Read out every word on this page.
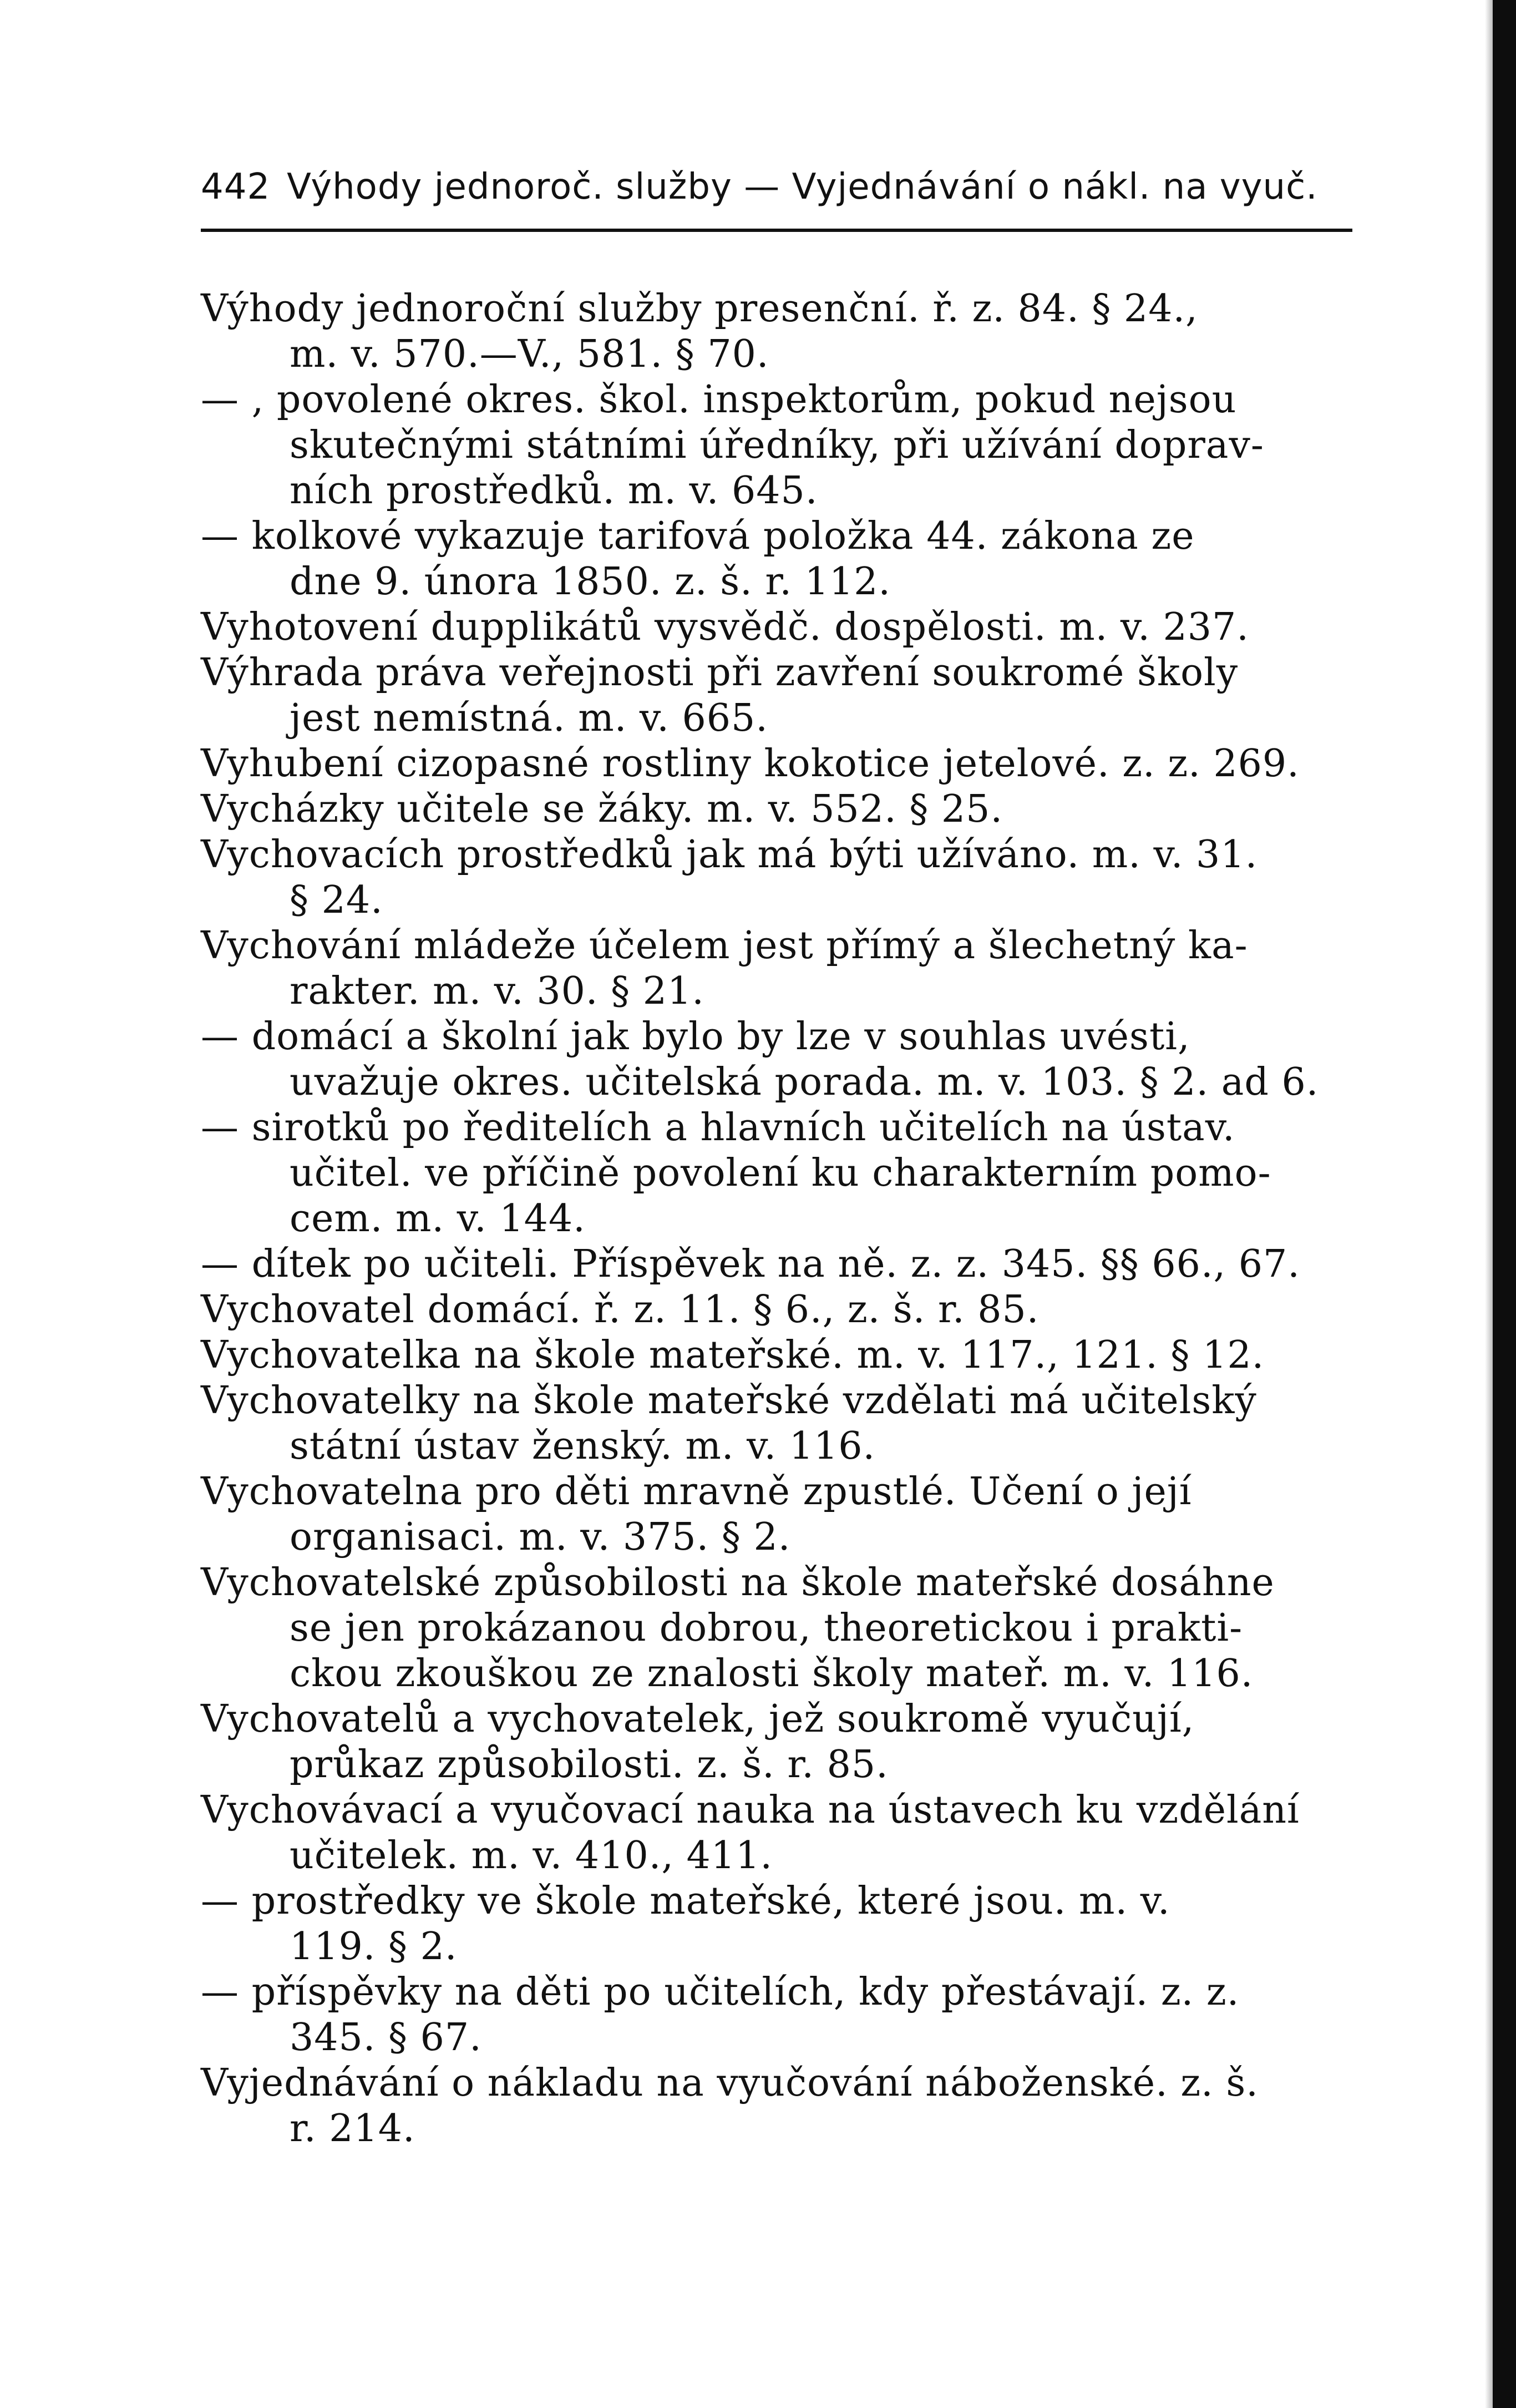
442 Výhody jednoroč. služby — Vyjednávání o nákl. na vyuč.
Výhody jednoroční služby presenční. ř. z. 84. § 24.,
m. v. 570.—V., 581. § 70.
— , povolené okres. škol. inspektorům, pokud nejsou
skutečnými státními úředníky, při užívání doprav-
ních prostředků. m. v. 645.
— kolkové vykazuje tarifová položka 44. zákona ze
dne 9. února 1850. z. š. r. 112.
Vyhotovení dupplikátů vysvědč. dospělosti. m. v. 237.
Výhrada práva veřejnosti při zavření soukromé školy
jest nemístná. m. v. 665.
Vyhubení cizopasné rostliny kokotice jetelové. z. z. 269.
Vycházky učitele se žáky. m. v. 552. § 25.
Vychovacích prostředků jak má býti užíváno. m. v. 31.
§ 24.
Vychování mládeže účelem jest přímý a šlechetný ka-
rakter. m. v. 30. § 21.
— domácí a školní jak bylo by lze v souhlas uvésti,
uvažuje okres. učitelská porada. m. v. 103. § 2. ad 6.
— sirotků po ředitelích a hlavních učitelích na ústav.
učitel. ve příčině povolení ku charakterním pomo-
cem. m. v. 144.
— dítek po učiteli. Příspěvek na ně. z. z. 345. §§ 66., 67.
Vychovatel domácí. ř. z. 11. § 6., z. š. r. 85.
Vychovatelka na škole mateřské. m. v. 117., 121. § 12.
Vychovatelky na škole mateřské vzdělati má učitelský
státní ústav ženský. m. v. 116.
Vychovatelna pro děti mravně zpustlé. Učení o její
organisaci. m. v. 375. § 2.
Vychovatelské způsobilosti na škole mateřské dosáhne
se jen prokázanou dobrou, theoretickou i prakti-
ckou zkouškou ze znalosti školy mateř. m. v. 116.
Vychovatelů a vychovatelek, jež soukromě vyučují,
průkaz způsobilosti. z. š. r. 85.
Vychovávací a vyučovací nauka na ústavech ku vzdělání
učitelek. m. v. 410., 411.
— prostředky ve škole mateřské, které jsou. m. v.
119. § 2.
— příspěvky na děti po učitelích, kdy přestávají. z. z.
345. § 67.
Vyjednávání o nákladu na vyučování náboženské. z. š.
r. 214.
